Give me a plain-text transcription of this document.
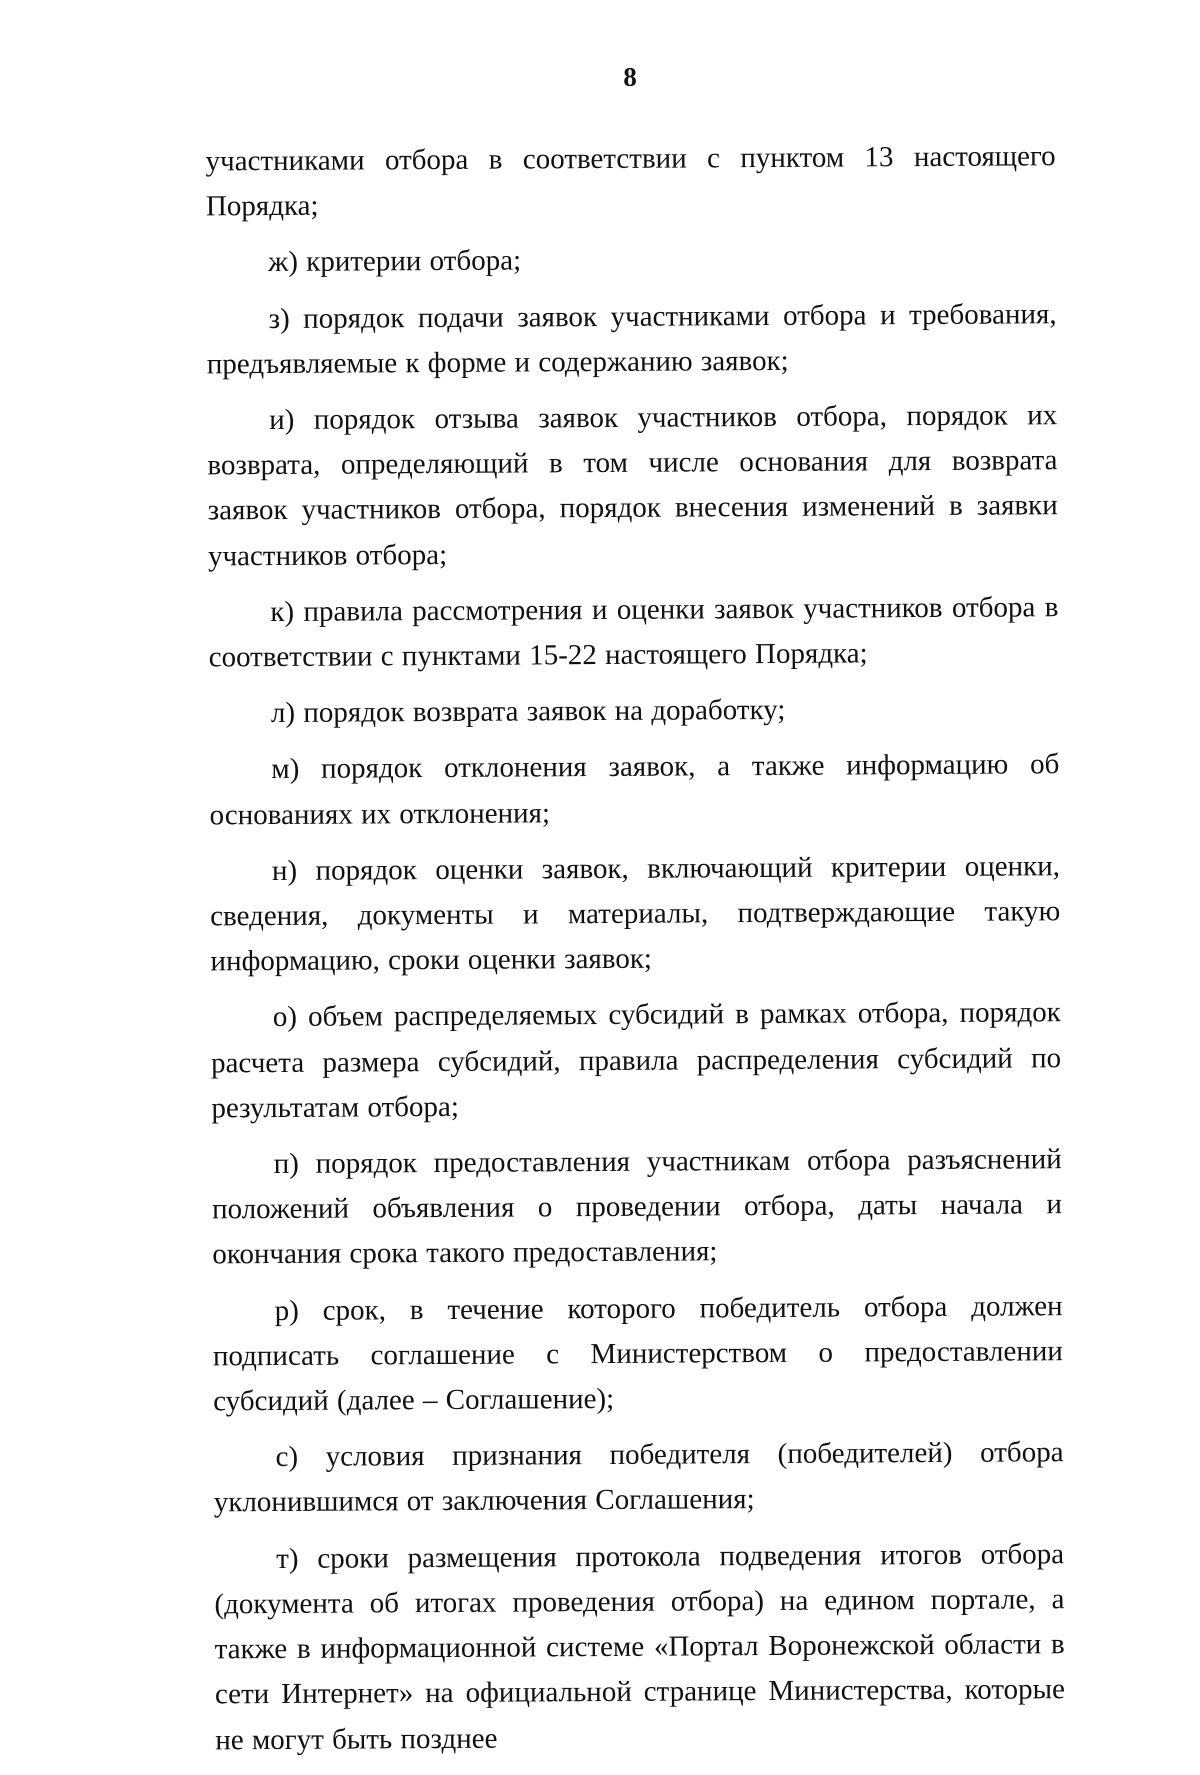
8

участниками отбора в соответствии с пунктом 13 настоящего Порядка;

ж) критерии отбора;

з) порядок подачи заявок участниками отбора и требования, предъявляемые к форме и содержанию заявок;

и) порядок отзыва заявок участников отбора, порядок их возврата, определяющий в том числе основания для возврата заявок участников отбора, порядок внесения изменений в заявки участников отбора;

к) правила рассмотрения и оценки заявок участников отбора в соответствии с пунктами 15-22 настоящего Порядка;

л) порядок возврата заявок на доработку;

м) порядок отклонения заявок, а также информацию об основаниях их отклонения;

н) порядок оценки заявок, включающий критерии оценки, сведения, документы и материалы, подтверждающие такую информацию, сроки оценки заявок;

о) объем распределяемых субсидий в рамках отбора, порядок расчета размера субсидий, правила распределения субсидий по результатам отбора;

п) порядок предоставления участникам отбора разъяснений положений объявления о проведении отбора, даты начала и окончания срока такого предоставления;

р) срок, в течение которого победитель отбора должен подписать соглашение с Министерством о предоставлении субсидий (далее – Соглашение);

с) условия признания победителя (победителей) отбора уклонившимся от заключения Соглашения;

т) сроки размещения протокола подведения итогов отбора (документа об итогах проведения отбора) на едином портале, а также в информационной системе «Портал Воронежской области в сети Интернет» на официальной странице Министерства, которые не могут быть позднее
